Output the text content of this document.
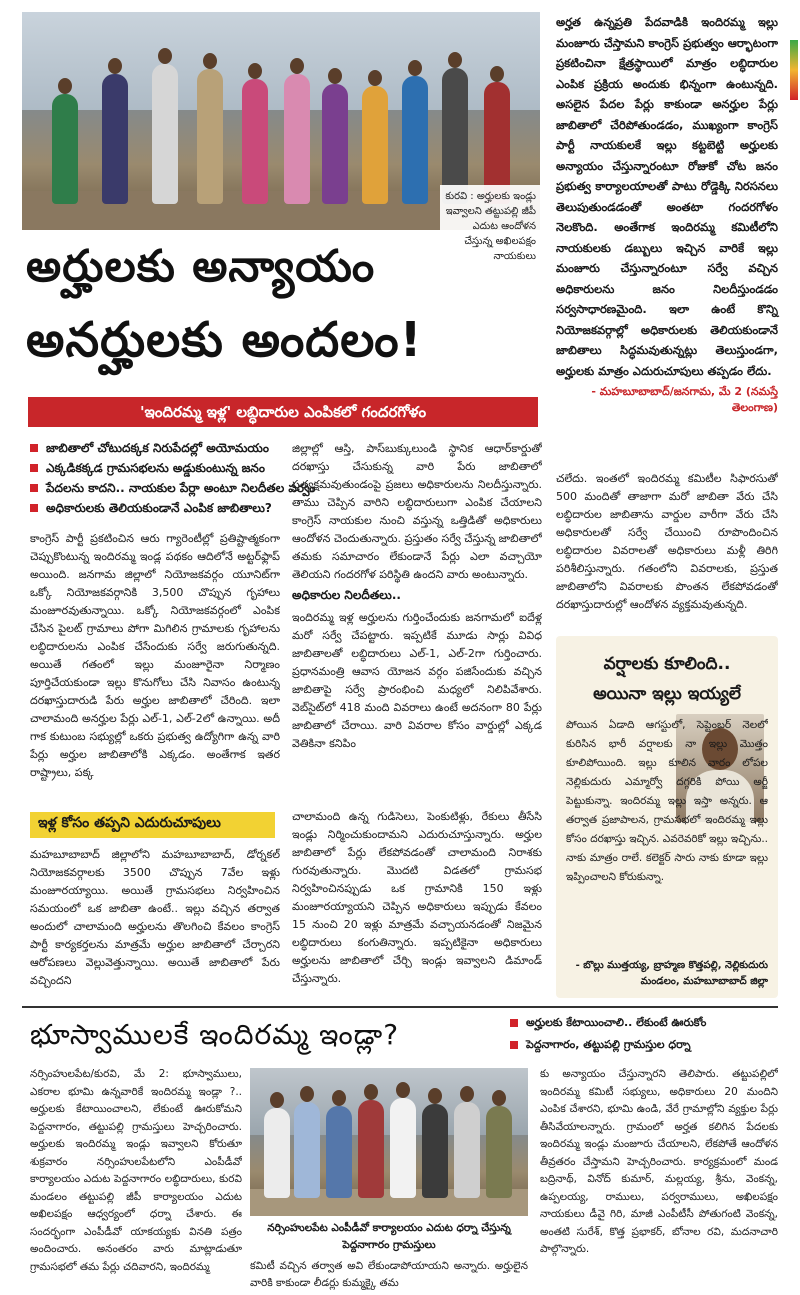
కురవి : అర్హులకు ఇండ్లు ఇవ్వాలని తట్టుపల్లి జీపీ ఎదుట ఆందోళన చేస్తున్న అఖిలపక్షం నాయకులు
అర్హత ఉన్నప్రతి పేదవాడికి ఇందిరమ్మ ఇల్లు మంజూరు చేస్తామని కాంగ్రెస్ ప్రభుత్వం ఆర్భాటంగా ప్రకటించినా క్షేత్రస్థాయిలో మాత్రం లబ్ధిదారుల ఎంపిక ప్రక్రియ అందుకు భిన్నంగా ఉంటున్నది. అసలైన పేదల పేర్లు కాకుండా అనర్హుల పేర్లు జాబితాలో చేరిపోతుండడం, ముఖ్యంగా కాంగ్రెస్ పార్టీ నాయకులకే ఇల్లు కట్టబెట్టి అర్హులకు అన్యాయం చేస్తున్నారంటూ రోజుకో చోట జనం ప్రభుత్వ కార్యాలయాలతో పాటు రోడ్డెక్కి నిరసనలు తెలుపుతుండడంతో అంతటా గందరగోళం నెలకొంది. అంతేగాక ఇందిరమ్మ కమిటీలోని నాయకులకు డబ్బులు ఇచ్చిన వారికే ఇల్లు మంజూరు చేస్తున్నారంటూ సర్వే వచ్చిన అధికారులను జనం నిలదీస్తుండడం సర్వసాధారణమైంది. ఇలా ఉంటే కొన్ని నియోజకవర్గాల్లో అధికారులకు తెలియకుండానే జాబితాలు సిద్ధమవుతున్నట్లు తెలుస్తుండగా, అర్హులకు మాత్రం ఎదురుచూపులు తప్పడం లేదు.
- మహబూబాబాద్/జనగామ, మే 2 (నమస్తే తెలంగాణ)
అర్హులకు అన్యాయం
అనర్హులకు అందలం!
'ఇందిరమ్మ ఇళ్ల' లబ్ధిదారుల ఎంపికలో గందరగోళం
జాబితాలో చోటుదక్కక నిరుపేదల్లో అయోమయం
ఎక్కడికక్కడ గ్రామసభలను అడ్డుకుంటున్న జనం
పేదలను కాదని.. నాయకుల పేర్లా అంటూ నిలదీతల పర్వం
అధికారులకు తెలియకుండానే ఎంపిక జాబితాలు?
కాంగ్రెస్ పార్టీ ప్రకటించిన ఆరు గ్యారెంటీల్లో ప్రతిష్టాత్మకంగా చెప్పుకొంటున్న ఇందిరమ్మ ఇండ్ల పథకం ఆదిలోనే అట్టర్‌ఫ్లాప్ అయింది. జనగామ జిల్లాలో నియోజకవర్గం యూనిట్‌గా ఒక్కో నియోజకవర్గానికి 3,500 చొప్పున గృహాలు మంజూరవుతున్నాయి. ఒక్కో నియోజకవర్గంలో ఎంపిక చేసిన పైలట్ గ్రామాలు పోగా మిగిలిన గ్రామాలకు గృహాలను లబ్ధిదారులను ఎంపిక చేసేందుకు సర్వే జరుగుతున్నది. అయితే గతంలో ఇల్లు మంజూరైనా నిర్మాణం పూర్తిచేయకుండా ఇల్లు కొనుగోలు చేసి నివాసం ఉంటున్న దరఖాస్తుదారుడి పేరు అర్హుల జాబితాలో చేరింది. ఇలా చాలామంది అనర్హుల పేర్లు ఎల్-1, ఎల్-2లో ఉన్నాయి. అదీ గాక కుటుంబ సభ్యుల్లో ఒకరు ప్రభుత్వ ఉద్యోగిగా ఉన్న వారి పేర్లు అర్హుల జాబితాలోకి ఎక్కడం. అంతేగాక ఇతర రాష్ట్రాలు, పక్క
జిల్లాల్లో ఆస్తి, పాస్‌బుక్కులుండి స్థానిక ఆధార్‌కార్డుతో దరఖాస్తు చేసుకున్న వారి పేరు జాబితాలో ప్రత్యక్షమవుతుండంపై ప్రజలు అధికారులను నిలదీస్తున్నారు. తాము చెప్పిన వారిని లబ్ధిదారులుగా ఎంపిక చేయాలని కాంగ్రెస్ నాయకుల నుంచి వస్తున్న ఒత్తిడితో అధికారులు ఆందోళన చెందుతున్నారు. ప్రస్తుతం సర్వే చేస్తున్న జాబితాలో తమకు సమాచారం లేకుండానే పేర్లు ఎలా వచ్చాయో తెలియని గందరగోళ పరిస్థితి ఉందని వారు అంటున్నారు.
అధికారుల నిలదీతలు..
ఇందిరమ్మ ఇళ్ల అర్హులను గుర్తించేందుకు జనగామలో ఐదేళ్ల మరో సర్వే చేపట్టారు. ఇప్పటికే మూడు సార్లు వివిధ జాబితాలతో లబ్ధిదారులు ఎల్-1, ఎల్-2గా గుర్తించారు. ప్రధానమంత్రి ఆవాస యోజన వర్గం పజిసేందుకు వచ్చిన జాబితాపై సర్వే ప్రారంభించి మధ్యలో నిలిపివేశారు. వెబ్‌సైట్‌లో 418 మంది వివరాలు ఉంటే అదనంగా 80 పేర్లు జాబితాలో చేరాయి. వారి వివరాల కోసం వార్డుల్లో ఎక్కడ వెతికినా కనిపిం
చలేదు. ఇంతలో ఇందిరమ్మ కమిటీల సిఫారసుతో 500 మందితో తాజాగా మరో జాబితా వేరు చేసి లబ్ధిదారుల జాబితాను వార్డుల వారీగా వేరు చేసి అధికారులతో సర్వే చేయించి రూపొందించిన లబ్ధిదారుల వివరాలతో అధికారులు మళ్లీ తిరిగి పరిశీలిస్తున్నారు. గతంలోని వివరాలకు, ప్రస్తుత జాబితాలోని వివరాలకు పొంతన లేకపోవడంతో దరఖాస్తుదారుల్లో ఆందోళన వ్యక్తమవుతున్నది.
ఇళ్ల కోసం తప్పని ఎదురుచూపులు
మహబూబాబాద్ జిల్లాలోని మహబూబాబాద్, డోర్నకల్ నియోజకవర్గాలకు 3500 చొప్పున 7వేల ఇళ్లు మంజూరయ్యాయి. అయితే గ్రామసభలు నిర్వహించిన సమయంలో ఒక జాబితా ఉంటే.. ఇల్లు వచ్చిన తర్వాత అందులో చాలామంది అర్హులను తొలగించి కేవలం కాంగ్రెస్ పార్టీ కార్యకర్తలను మాత్రమే అర్హుల జాబితాలో చేర్చారని ఆరోపణలు వెల్లువెత్తున్నాయి. అయితే జాబితాలో పేరు వచ్చిందని
చాలామంది ఉన్న గుడిసెలు, పెంకుటిళ్లు, రేకులు తీసేసి ఇండ్లు నిర్మించుకుందామని ఎదురుచూస్తున్నారు. అర్హుల జాబితాలో పేర్లు లేకపోవడంతో చాలామంది నిరాశకు గురవుతున్నారు. మొదటి విడతలో గ్రామసభ నిర్వహించినప్పుడు ఒక గ్రామానికి 150 ఇళ్లు మంజూరయ్యాయని చెప్పిన అధికారులు ఇప్పుడు కేవలం 15 నుంచి 20 ఇళ్లు మాత్రమే వచ్చాయనడంతో నిజమైన లబ్ధిదారులు కంగుతిన్నారు. ఇప్పటికైనా అధికారులు అర్హులను జాబితాలో చేర్చి ఇండ్లు ఇవ్వాలని డిమాండ్ చేస్తున్నారు.
వర్షాలకు కూలింది..
అయినా ఇల్లు ఇయ్యలే
పోయిన ఏడాది ఆగస్టులో, సెప్టెంబర్ నెలలో కురిసిన భారీ వర్షాలకు నా ఇల్లు మొత్తం కూలిపోయింది. ఇల్లు కూలిన వారం లోపల నెల్లికుదురు ఎమ్మార్వో దగ్గరికి పోయి అర్జీ పెట్టుకున్నా. ఇందిరమ్మ ఇల్లు ఇస్తా అన్నరు. ఆ తర్వాత ప్రజాపాలన, గ్రామసభలో ఇందిరమ్మ ఇల్లు కోసం దరఖాస్తు ఇచ్చిన. ఎవరెవరికో ఇల్లు ఇచ్చిను.. నాకు మాత్రం రాలే. కలెక్టర్ సారు నాకు కూడా ఇల్లు ఇప్పించాలని కోరుకున్నా.
- బొల్లు ముత్తయ్య, బ్రాహ్మణ కొత్తపల్లి, నెల్లికుదురు మండలం, మహబూబాబాద్ జిల్లా
భూస్వాములకే ఇందిరమ్మ ఇండ్లా?	అర్హులకు కేటాయించాలి.. లేకుంటే ఊరుకోం
పెద్దనాగారం, తట్టుపల్లి గ్రామస్తుల ధర్నా
నర్సింహులపేట/కురవి, మే 2: భూస్వాములు, ఎకరాల భూమి ఉన్నవారికే ఇందిరమ్మ ఇండ్లా ?.. అర్హులకు కేటాయించాలని, లేకుంటే ఊరుకోమని పెద్దనాగారం, తట్టుపల్లి గ్రామస్తులు హెచ్చరించారు. అర్హులకు ఇందిరమ్మ ఇండ్లు ఇవ్వాలని కోరుతూ శుక్రవారం నర్సింహులపేటలోని ఎంపీడీవో కార్యాలయం ఎదుట పెద్దనాగారం లబ్ధిదారులు, కురవి మండలం తట్టుపల్లి జీపీ కార్యాలయం ఎదుట అఖిలపక్షం ఆధ్వర్యంలో ధర్నా చేశారు. ఈ సందర్భంగా ఎంపీడీవో యాకయ్యకు వినతి పత్రం అందించారు. అనంతరం వారు మాట్లాడుతూ గ్రామసభలో తమ పేర్లు చదివారని, ఇందిరమ్మ
నర్సింహులపేట ఎంపీడీవో కార్యాలయం ఎదుట ధర్నా చేస్తున్న పెద్దనాగారం గ్రామస్తులు
కమిటీ వచ్చిన తర్వాత అవి లేకుండాపోయాయని అన్నారు. అర్హులైన వారికి కాకుండా లీడర్లు కుమ్మక్కై తమ
కు అన్యాయం చేస్తున్నారని తెలిపారు. తట్టుపల్లిలో ఇందిరమ్మ కమిటీ సభ్యులు, అధికారులు 20 మందిని ఎంపిక చేశారని, భూమి ఉండి, వేరే గ్రామాల్లోని వ్యక్తుల పేర్లు తీసివేయాలన్నారు. గ్రామంలో అర్హత కలిగిన పేదలకు ఇందిరమ్మ ఇండ్లు మంజూరు చేయాలని, లేకపోతే ఆందోళన తీవ్రతరం చేస్తామని హెచ్చరించారు. కార్యక్రమంలో మండ బద్రినాథ్, వినోద్ కుమార్, మల్లయ్య, శ్రీను, వెంకన్న, ఉప్పలయ్య, రాములు, పర్వరాములు, అఖిలపక్షం నాయకులు డీవై గిరి, మాజీ ఎంపీటీసీ పోతుగంటి వెంకన్న, అంతటి సురేశ్, కొత్త ప్రభాకర్, బోనాల రవి, మదనాచారి పాల్గొన్నారు.
